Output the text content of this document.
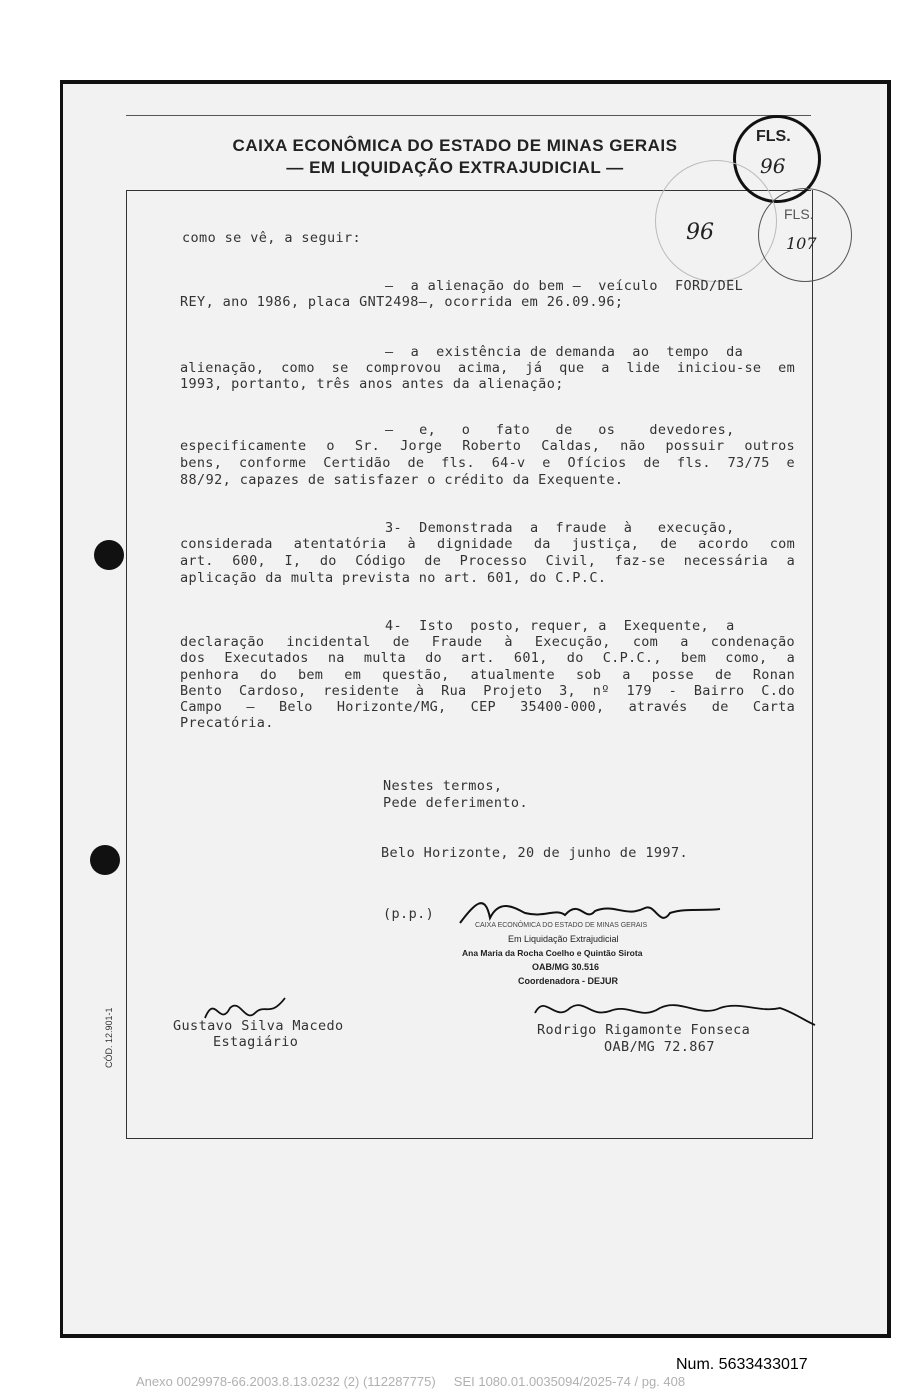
CAIXA ECONÔMICA DO ESTADO DE MINAS GERAIS
— EM LIQUIDAÇÃO EXTRAJUDICIAL —
FLS.
96
FLS.
107
96
como se vê, a seguir:
–  a alienação do bem –  veículo  FORD/DEL
REY, ano 1986, placa GNT2498–, ocorrida em 26.09.96;
–  a  existência de demanda  ao  tempo  da
alienação, como se comprovou acima, já que a lide iniciou-se em
1993, portanto, três anos antes da alienação;
–   e,   o   fato   de   os    devedores,
especificamente o Sr. Jorge Roberto Caldas, não possuir outros
bens, conforme Certidão de fls. 64-v e Ofícios de fls. 73/75 e
88/92, capazes de satisfazer o crédito da Exequente.
3-  Demonstrada  a  fraude  à   execução,
considerada atentatória à dignidade da justiça, de acordo com
art. 600, I, do Código de Processo Civil, faz-se necessária a
aplicação da multa prevista no art. 601, do C.P.C.
4-  Isto  posto, requer, a  Exequente,  a
declaração incidental de Fraude à Execução, com a condenação
dos Executados na multa do art. 601, do C.P.C., bem como, a
penhora do bem em questão, atualmente sob a posse de Ronan
Bento Cardoso, residente à Rua Projeto 3, nº 179 - Bairro C.do
Campo – Belo Horizonte/MG, CEP 35400-000, através de Carta
Precatória.
Nestes termos,
Pede deferimento.
Belo Horizonte, 20 de junho de 1997.
(p.p.)
CAIXA ECONÔMICA DO ESTADO DE MINAS GERAIS
Em Liquidação Extrajudicial
Ana Maria da Rocha Coelho e Quintão Sirota
OAB/MG 30.516
Coordenadora - DEJUR
Gustavo Silva Macedo
Estagiário
Rodrigo Rigamonte Fonseca
OAB/MG 72.867
CÓD. 12.901-1
Num. 5633433017
Anexo 0029978-66.2003.8.13.0232 (2) (112287775)     SEI 1080.01.0035094/2025-74 / pg. 408
